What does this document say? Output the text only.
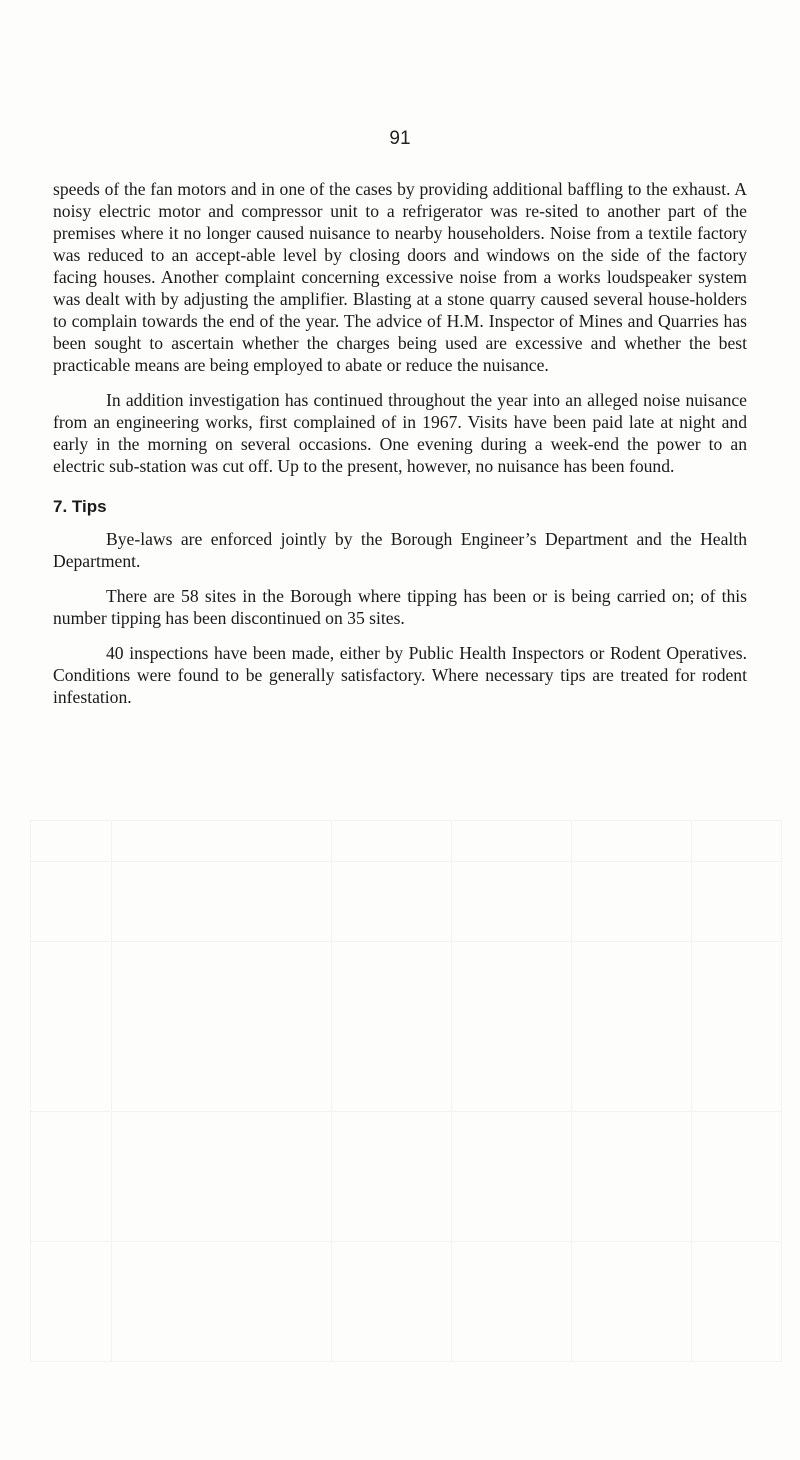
91

speeds of the fan motors and in one of the cases by providing additional baffling to the exhaust. A noisy electric motor and compressor unit to a refrigerator was re-sited to another part of the premises where it no longer caused nuisance to nearby householders. Noise from a textile factory was reduced to an accept-able level by closing doors and windows on the side of the factory facing houses. Another complaint concerning excessive noise from a works loudspeaker system was dealt with by adjusting the amplifier. Blasting at a stone quarry caused several house-holders to complain towards the end of the year. The advice of H.M. Inspector of Mines and Quarries has been sought to ascertain whether the charges being used are excessive and whether the best practicable means are being employed to abate or reduce the nuisance.

In addition investigation has continued throughout the year into an alleged noise nuisance from an engineering works, first complained of in 1967. Visits have been paid late at night and early in the morning on several occasions. One evening during a week-end the power to an electric sub-station was cut off. Up to the present, however, no nuisance has been found.

7. Tips

Bye-laws are enforced jointly by the Borough Engineer’s Department and the Health Department.

There are 58 sites in the Borough where tipping has been or is being carried on; of this number tipping has been discontinued on 35 sites.

40 inspections have been made, either by Public Health Inspectors or Rodent Operatives. Conditions were found to be generally satisfactory. Where necessary tips are treated for rodent infestation.
